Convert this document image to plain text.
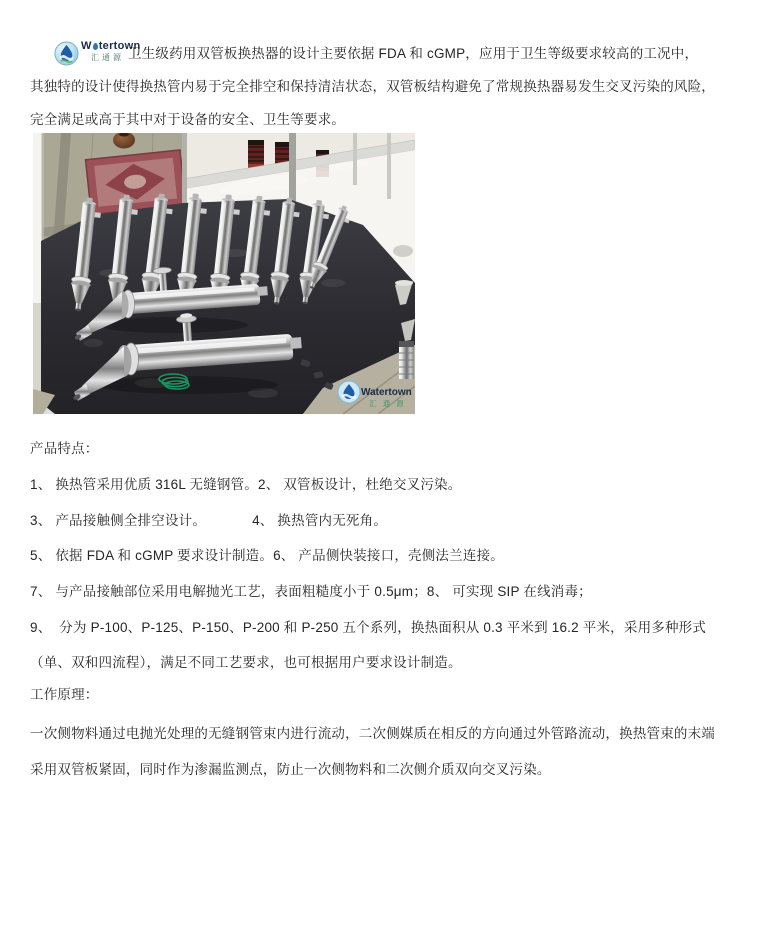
W tertown
汇通源 卫生级药用双管板换热器的设计主要依据 FDA 和 cGMP，应用于卫生等级要求较高的工况中，
其独特的设计使得换热管内易于完全排空和保持清洁状态，双管板结构避免了常规换热器易发生交叉污染的风险，
完全满足或高于其中对于设备的安全、卫生等要求。
Watertown
汇 通 源
产品特点：
1、 换热管采用优质 316L 无缝钢管。2、 双管板设计，杜绝交叉污染。
3、 产品接触侧全排空设计。	4、 换热管内无死角。
5、 依据 FDA 和 cGMP 要求设计制造。6、 产品侧快装接口，壳侧法兰连接。
7、 与产品接触部位采用电解抛光工艺，表面粗糙度小于 0.5μm；8、 可实现 SIP 在线消毒；
9、  分为 P-100、P-125、P-150、P-200 和 P-250 五个系列，换热面积从 0.3 平米到 16.2 平米，采用多种形式
（单、双和四流程），满足不同工艺要求，也可根据用户要求设计制造。
工作原理：
一次侧物料通过电抛光处理的无缝钢管束内进行流动，二次侧媒质在相反的方向通过外管路流动，换热管束的末端
采用双管板紧固，同时作为渗漏监测点，防止一次侧物料和二次侧介质双向交叉污染。
